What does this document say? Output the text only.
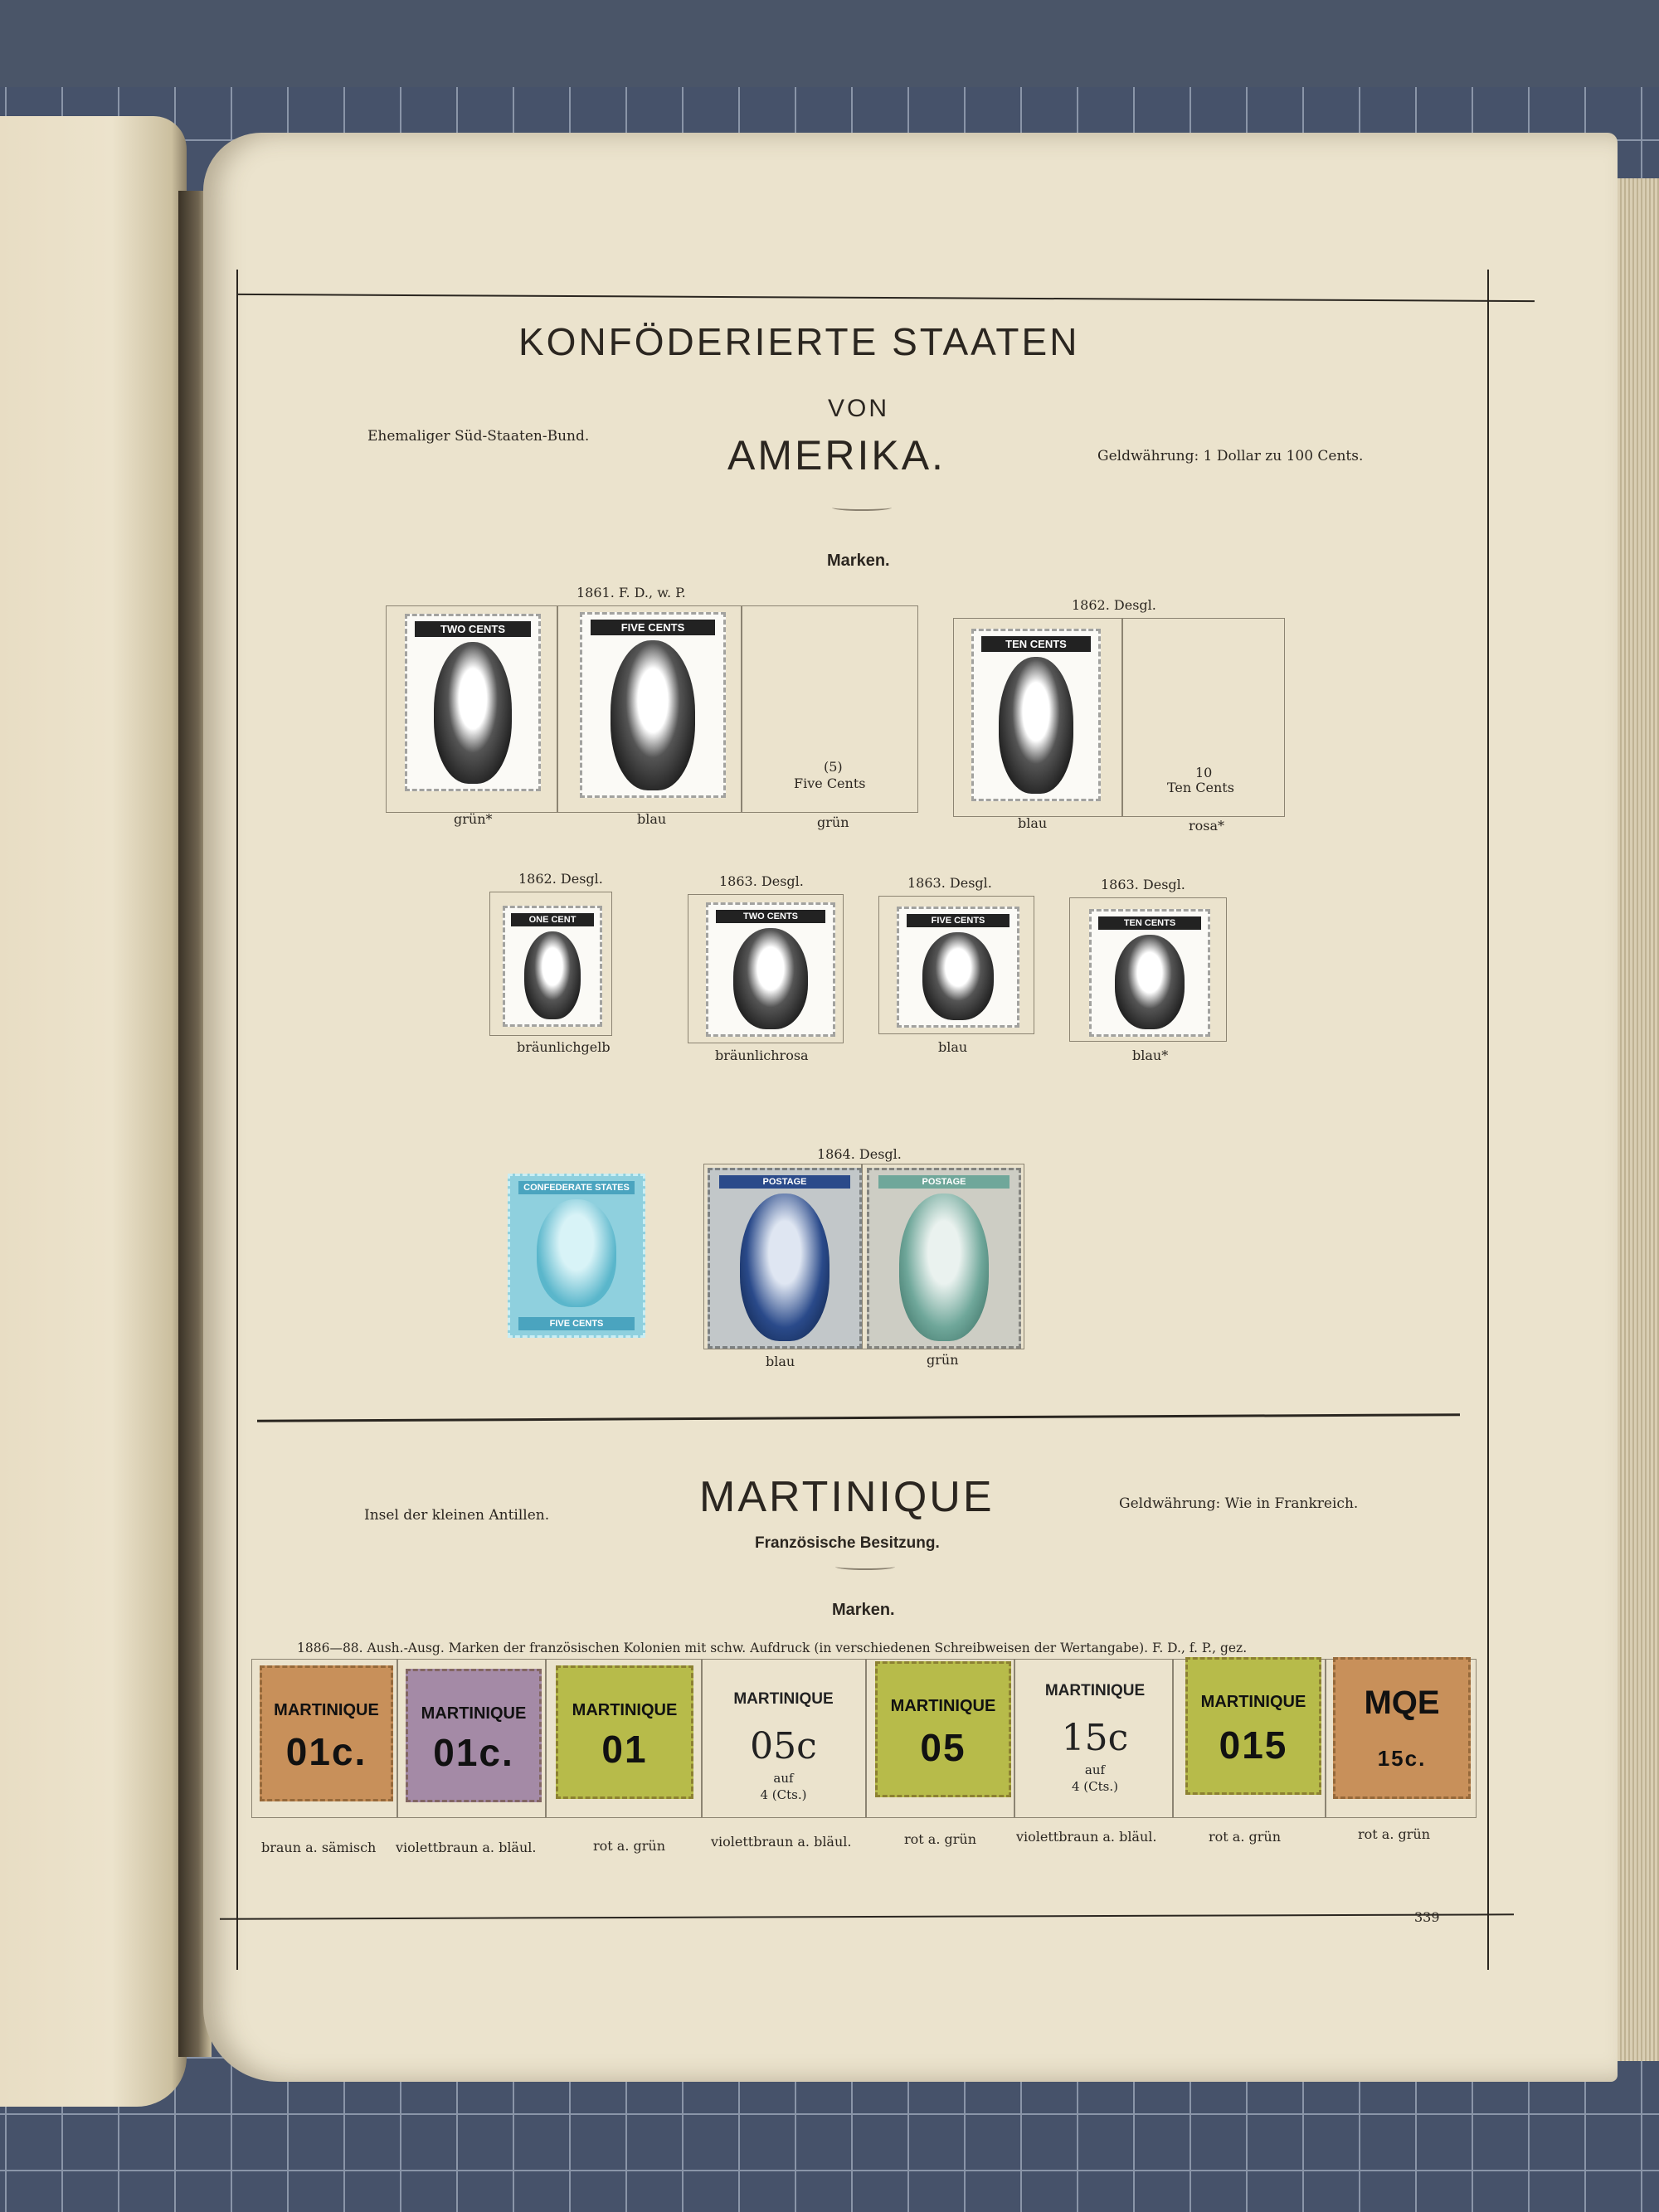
KONFÖDERIERTE STAATEN
VON
AMERIKA.
Ehemaliger Süd-Staaten-Bund.
Geldwährung: 1 Dollar zu 100 Cents.
Marken.
1861. F. D., w. P.
1862. Desgl.
TWO CENTS	FIVE CENTS
(5)
Five Cents
grün*	blau	grün
TEN CENTS
10
Ten Cents
blau	rosa*
1862. Desgl.	1863. Desgl.	1863. Desgl.	1863. Desgl.
ONE CENT	TWO CENTS	FIVE CENTS	TEN CENTS
bräunlichgelb
bräunlichrosa
blau
blau*
1864. Desgl.
CONFEDERATE STATES
FIVE CENTS
POSTAGE	POSTAGE
blau	grün
MARTINIQUE
Insel der kleinen Antillen.
Geldwährung: Wie in Frankreich.
Französische Besitzung.
Marken.
1886—88. Aush.-Ausg. Marken der französischen Kolonien mit schw. Aufdruck (in verschiedenen Schreibweisen der Wertangabe). F. D., f. P., gez.
MARTINIQUE
01c.
MARTINIQUE
01c.
MARTINIQUE
01
MARTINIQUE
05c
auf
4 (Cts.)
MARTINIQUE
05
MARTINIQUE
15c
auf
4 (Cts.)
MARTINIQUE
015
MQE
15c.
braun a. sämisch violettbraun a. bläul.	rot a. grün	violettbraun a. bläul.	rot a. grün	violettbraun a. bläul.	rot a. grün	rot a. grün
339
